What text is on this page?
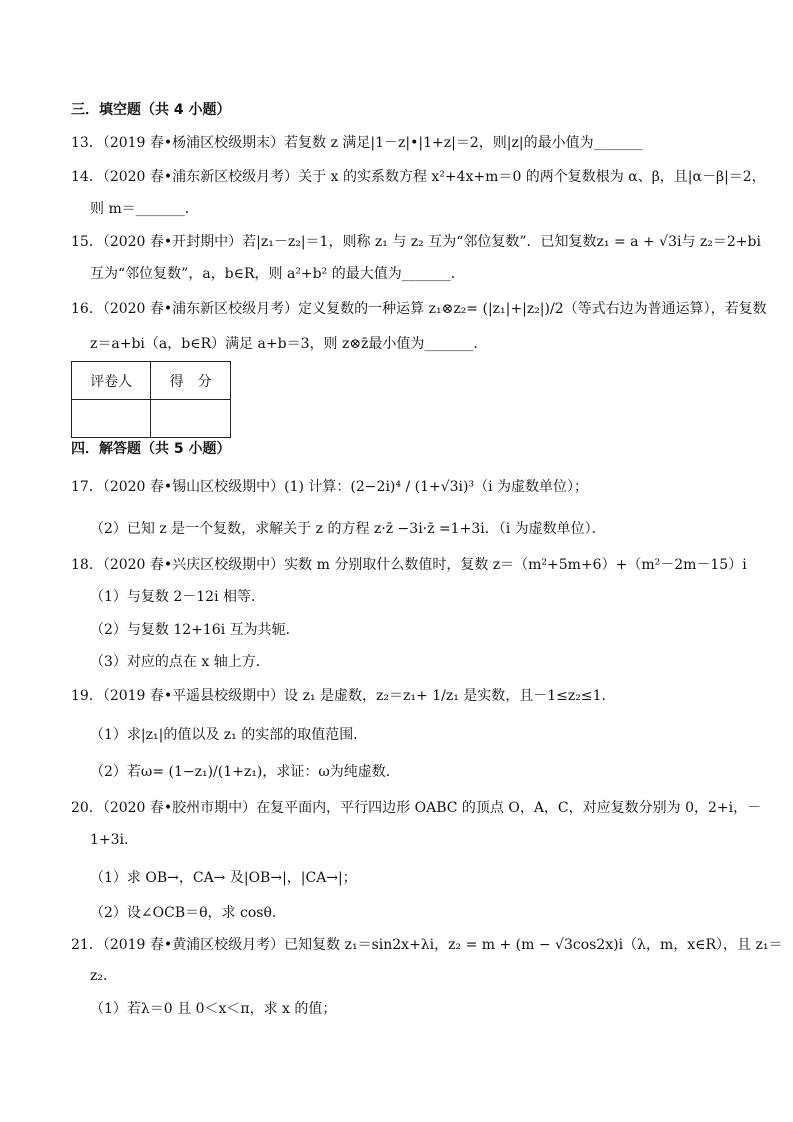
三．填空题（共 4 小题）
13．（2019 春•杨浦区校级期末）若复数 z 满足|1－z|•|1+z|＝2，则|z|的最小值为_______
14．（2020 春•浦东新区校级月考）关于 x 的实系数方程 x²+4x+m＝0 的两个复数根为 α、β，且|α－β|＝2，
则 m＝_______．
15．（2020 春•开封期中）若|z₁－z₂|＝1，则称 z₁ 与 z₂ 互为“邻位复数”．已知复数z₁ = a + √3i与 z₂＝2+bi
互为“邻位复数”，a，b∈R，则 a²+b² 的最大值为_______．
16．（2020 春•浦东新区校级月考）定义复数的一种运算 z₁⊗z₂= (|z₁|+|z₂|)/2（等式右边为普通运算），若复数
z＝a+bi（a，b∈R）满足 a+b＝3，则 z⊗z̄最小值为_______．
评卷人	得　分

四．解答题（共 5 小题）
17．（2020 春•锡山区校级期中）(1) 计算：(2−2i)⁴ / (1+√3i)³（i 为虚数单位）；
（2）已知 z 是一个复数，求解关于 z 的方程 z·z̄ −3i·z̄ =1+3i．（i 为虚数单位）．
18．（2020 春•兴庆区校级期中）实数 m 分别取什么数值时，复数 z＝（m²+5m+6）+（m²－2m－15）i
（1）与复数 2－12i 相等．
（2）与复数 12+16i 互为共轭．
（3）对应的点在 x 轴上方．
19．（2019 春•平遥县校级期中）设 z₁ 是虚数，z₂＝z₁+ 1/z₁ 是实数，且－1≤z₂≤1．
（1）求|z₁|的值以及 z₁ 的实部的取值范围．
（2）若ω= (1−z₁)/(1+z₁)，求证：ω为纯虚数．
20．（2020 春•胶州市期中）在复平面内，平行四边形 OABC 的顶点 O，A，C，对应复数分别为 0，2+i，－
1+3i．
（1）求 OB→，CA→ 及|OB→|，|CA→|；
（2）设∠OCB＝θ，求 cosθ．
21．（2019 春•黄浦区校级月考）已知复数 z₁＝sin2x+λi，z₂ = m + (m − √3cos2x)i（λ，m，x∈R），且 z₁＝
z₂．
（1）若λ＝0 且 0＜x＜π，求 x 的值；
